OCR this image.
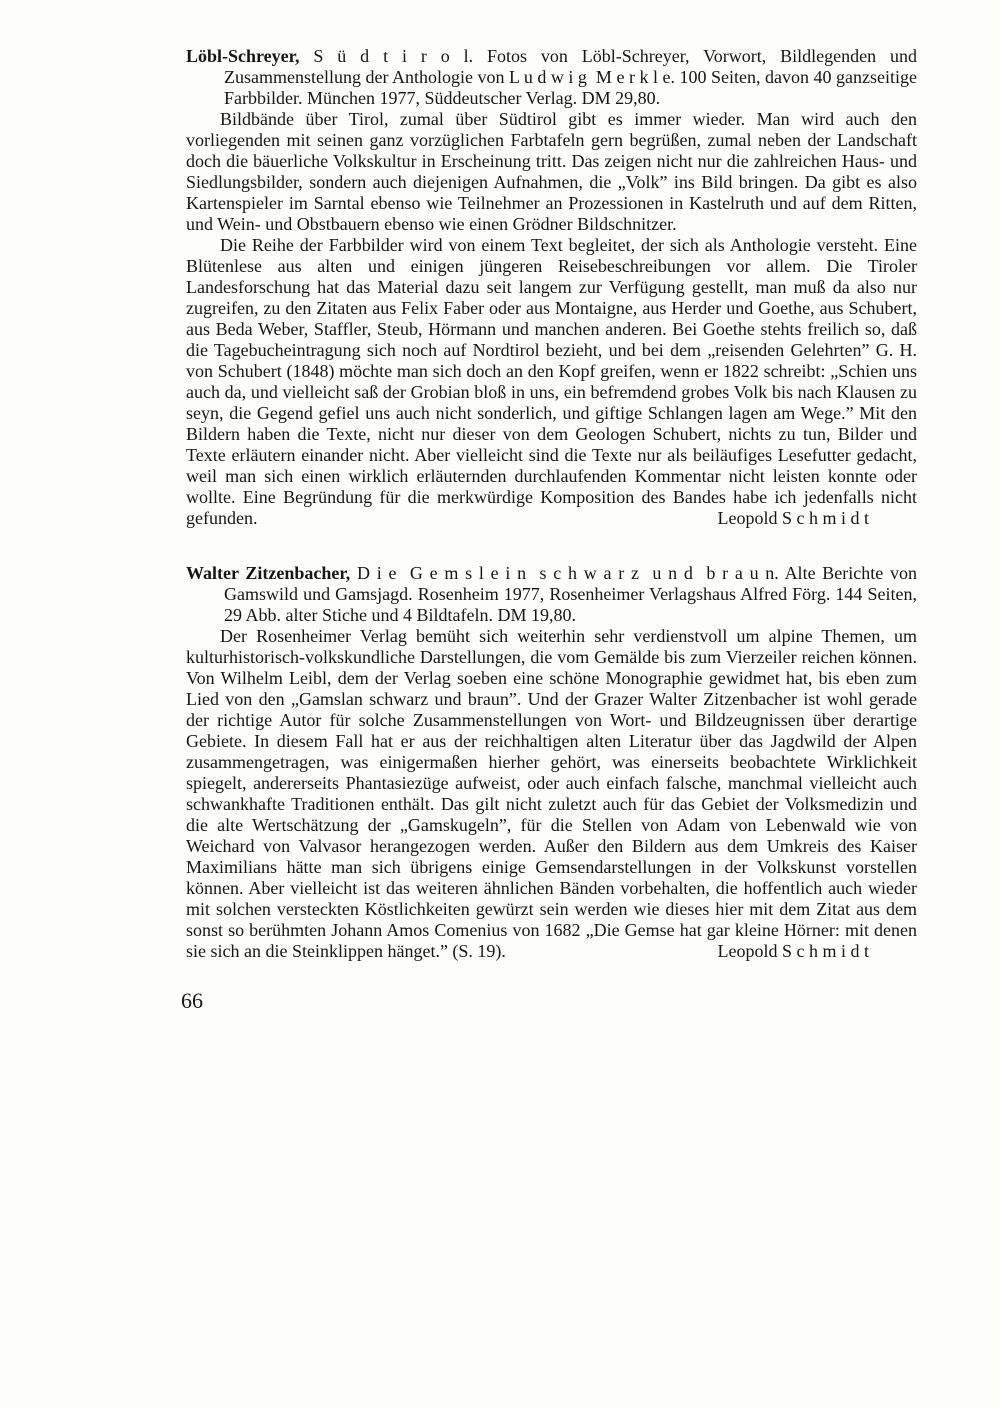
Löbl-Schreyer, S ü d t i r o l. Fotos von Löbl-Schreyer, Vorwort, Bildlegenden und Zusammenstellung der Anthologie von L u d w i g  M e r k l e. 100 Seiten, davon 40 ganzseitige Farbbilder. München 1977, Süddeutscher Verlag. DM 29,80.

Bildbände über Tirol, zumal über Südtirol gibt es immer wieder. Man wird auch den vorliegenden mit seinen ganz vorzüglichen Farbtafeln gern begrüßen, zumal neben der Landschaft doch die bäuerliche Volkskultur in Erscheinung tritt. Das zeigen nicht nur die zahlreichen Haus- und Siedlungsbilder, sondern auch diejenigen Aufnahmen, die „Volk” ins Bild bringen. Da gibt es also Kartenspieler im Sarntal ebenso wie Teilnehmer an Prozessionen in Kastelruth und auf dem Ritten, und Wein- und Obstbauern ebenso wie einen Grödner Bildschnitzer.

Die Reihe der Farbbilder wird von einem Text begleitet, der sich als Anthologie versteht. Eine Blütenlese aus alten und einigen jüngeren Reisebeschreibungen vor allem. Die Tiroler Landesforschung hat das Material dazu seit langem zur Verfügung gestellt, man muß da also nur zugreifen, zu den Zitaten aus Felix Faber oder aus Montaigne, aus Herder und Goethe, aus Schubert, aus Beda Weber, Staffler, Steub, Hörmann und manchen anderen. Bei Goethe stehts freilich so, daß die Tagebucheintragung sich noch auf Nordtirol bezieht, und bei dem „reisenden Gelehrten” G. H. von Schubert (1848) möchte man sich doch an den Kopf greifen, wenn er 1822 schreibt: „Schien uns auch da, und vielleicht saß der Grobian bloß in uns, ein befremdend grobes Volk bis nach Klausen zu seyn, die Gegend gefiel uns auch nicht sonderlich, und giftige Schlangen lagen am Wege.” Mit den Bildern haben die Texte, nicht nur dieser von dem Geologen Schubert, nichts zu tun, Bilder und Texte erläutern einander nicht. Aber vielleicht sind die Texte nur als beiläufiges Lesefutter gedacht, weil man sich einen wirklich erläuternden durchlaufenden Kommentar nicht leisten konnte oder wollte. Eine Begründung für die merkwürdige Komposition des Bandes habe ich jedenfalls nicht gefunden.	Leopold S c h m i d t

Walter Zitzenbacher, D i e  G e m s l e i n  s c h w a r z  u n d  b r a u n. Alte Berichte von Gamswild und Gamsjagd. Rosenheim 1977, Rosenheimer Verlagshaus Alfred Förg. 144 Seiten, 29 Abb. alter Stiche und 4 Bildtafeln. DM 19,80.

Der Rosenheimer Verlag bemüht sich weiterhin sehr verdienstvoll um alpine Themen, um kulturhistorisch-volkskundliche Darstellungen, die vom Gemälde bis zum Vierzeiler reichen können. Von Wilhelm Leibl, dem der Verlag soeben eine schöne Monographie gewidmet hat, bis eben zum Lied von den „Gamslan schwarz und braun”. Und der Grazer Walter Zitzenbacher ist wohl gerade der richtige Autor für solche Zusammenstellungen von Wort- und Bildzeugnissen über derartige Gebiete. In diesem Fall hat er aus der reichhaltigen alten Literatur über das Jagdwild der Alpen zusammengetragen, was einigermaßen hierher gehört, was einerseits beobachtete Wirklichkeit spiegelt, andererseits Phantasiezüge aufweist, oder auch einfach falsche, manchmal vielleicht auch schwankhafte Traditionen enthält. Das gilt nicht zuletzt auch für das Gebiet der Volksmedizin und die alte Wertschätzung der „Gamskugeln”, für die Stellen von Adam von Lebenwald wie von Weichard von Valvasor herangezogen werden. Außer den Bildern aus dem Umkreis des Kaiser Maximilians hätte man sich übrigens einige Gemsendarstellungen in der Volkskunst vorstellen können. Aber vielleicht ist das weiteren ähnlichen Bänden vorbehalten, die hoffentlich auch wieder mit solchen versteckten Köstlichkeiten gewürzt sein werden wie dieses hier mit dem Zitat aus dem sonst so berühmten Johann Amos Comenius von 1682 „Die Gemse hat gar kleine Hörner: mit denen sie sich an die Steinklippen hänget.” (S. 19).	Leopold S c h m i d t

66
